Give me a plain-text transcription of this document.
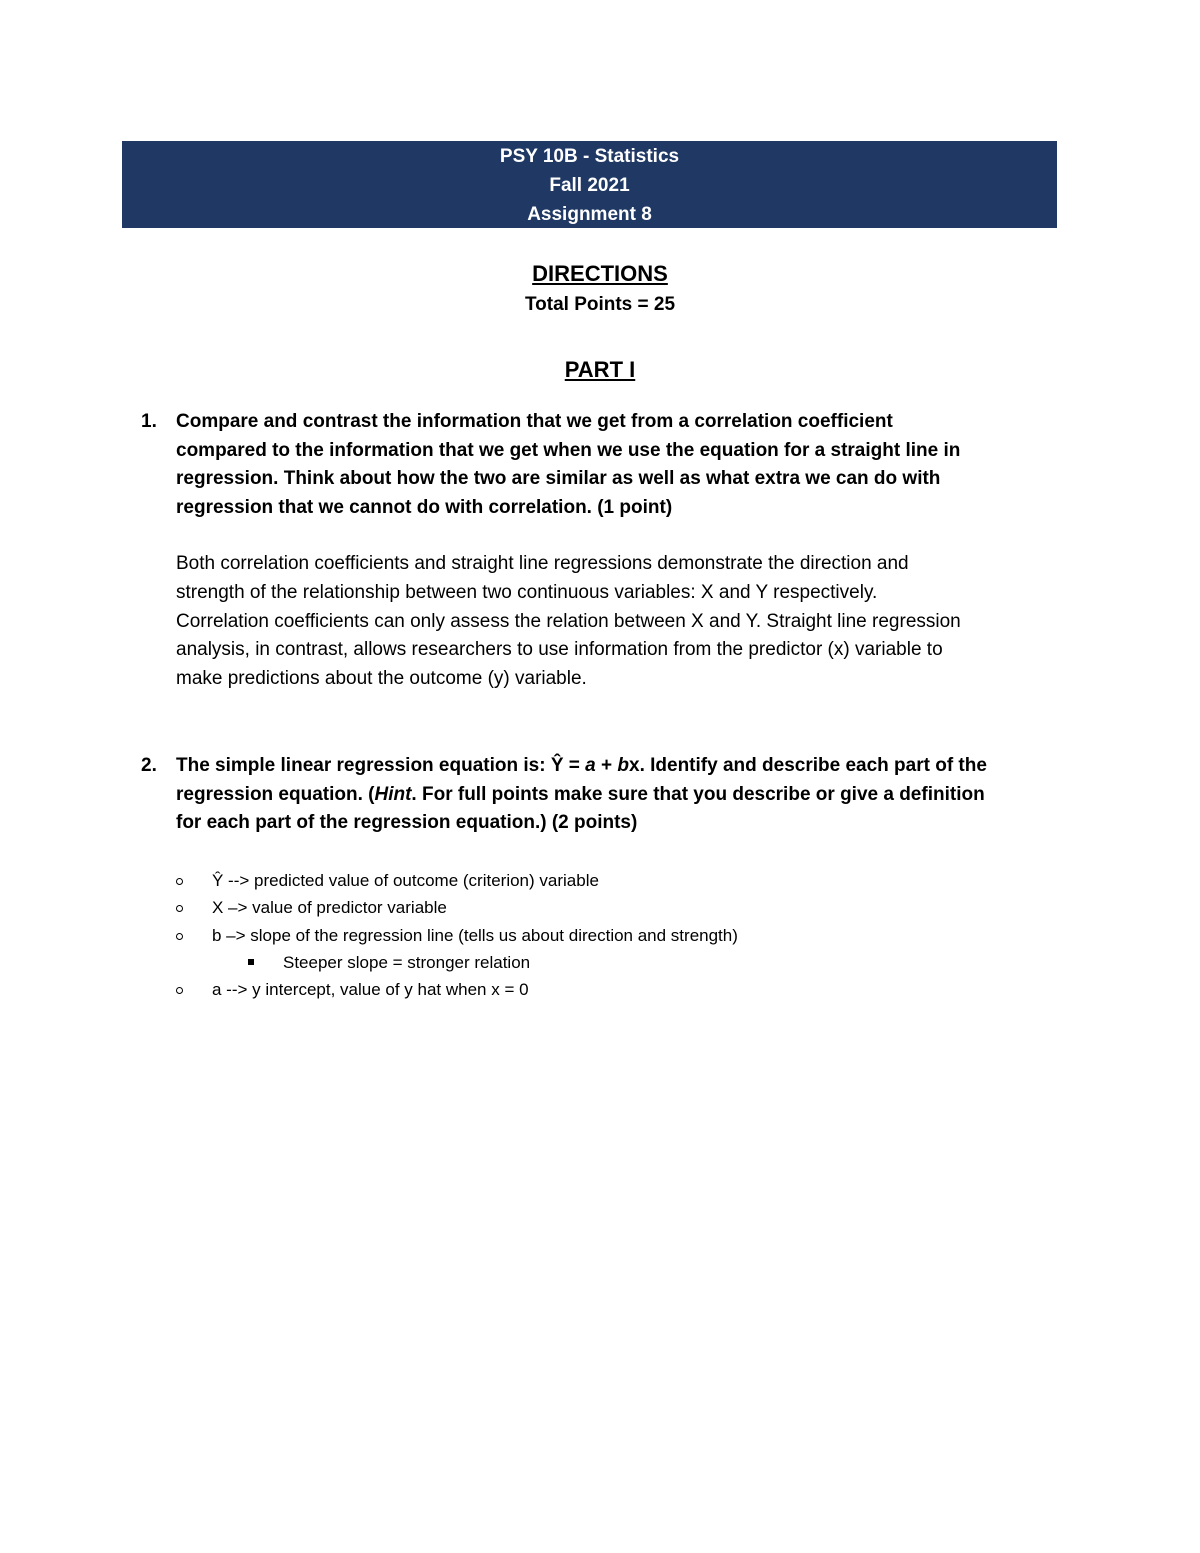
PSY 10B - Statistics
Fall 2021
Assignment 8
DIRECTIONS
Total Points = 25
PART I
1. Compare and contrast the information that we get from a correlation coefficient
compared to the information that we get when we use the equation for a straight line in
regression. Think about how the two are similar as well as what extra we can do with
regression that we cannot do with correlation. (1 point)
Both correlation coefficients and straight line regressions demonstrate the direction and
strength of the relationship between two continuous variables: X and Y respectively.
Correlation coefficients can only assess the relation between X and Y. Straight line regression
analysis, in contrast, allows researchers to use information from the predictor (x) variable to
make predictions about the outcome (y) variable.
2. The simple linear regression equation is: Ŷ = a + bx. Identify and describe each part of the
regression equation. (Hint. For full points make sure that you describe or give a definition
for each part of the regression equation.) (2 points)
Ŷ --> predicted value of outcome (criterion) variable
X –> value of predictor variable
b –> slope of the regression line (tells us about direction and strength)
Steeper slope = stronger relation
a --> y intercept, value of y hat when x = 0
